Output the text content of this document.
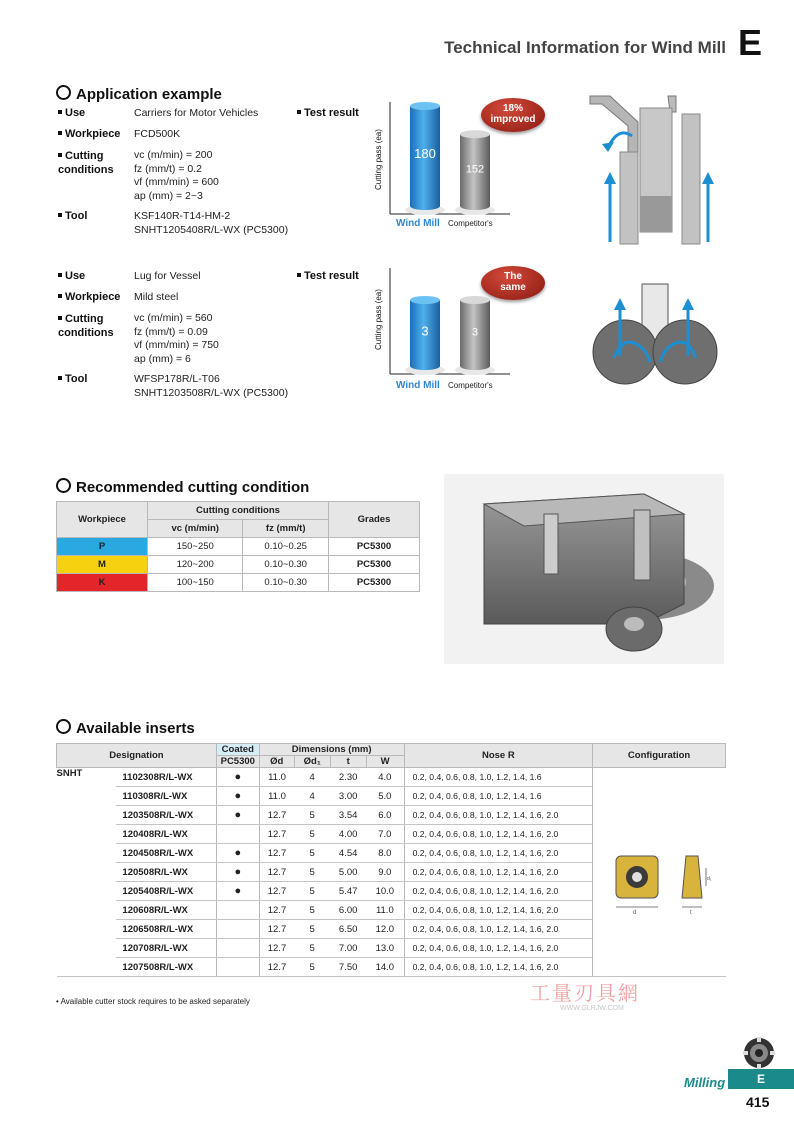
Technical Information for Wind Mill E
Application example
Use	Carriers for Motor Vehicles
Workpiece FCD500K
Cutting conditions
vc (m/min) = 200
fz (mm/t) = 0.2
vf (mm/min) = 600
ap (mm) = 2~3
Tool	KSF140R-T14-HM-2
SNHT1205408R/L-WX (PC5300)
Test result
Cutting pass (ea) 180
152
Wind Mill Competitor's
18%
improved
Use	Lug for Vessel
Workpiece Mild steel
Cutting conditions
vc (m/min) = 560
fz (mm/t) = 0.09
vf (mm/min) = 750
ap (mm) = 6
Tool	WFSP178R/L-T06
SNHT1203508R/L-WX (PC5300)
Test result
Cutting pass (ea)	3	3
Wind Mill Competitor's
The
same
Recommended cutting condition
Workpiece	Cutting conditions		Grades
	vc (m/min)	fz (mm/t)	
P	150~250	0.10~0.25	PC5300
M	120~200	0.10~0.30	PC5300
K	100~150	0.10~0.30	PC5300
Available inserts
Designation		Coated	Dimensions (mm)				Nose R	Configuration
		PC5300	Ød	Ød₁	t	W		
SNHT	1102308R/L-WX	●	11.0	4	2.30	4.0	0.2, 0.4, 0.6, 0.8, 1.0, 1.2, 1.4, 1.6	
	110308R/L-WX	●	11.0	4	3.00	5.0	0.2, 0.4, 0.6, 0.8, 1.0, 1.2, 1.4, 1.6	
	1203508R/L-WX	●	12.7	5	3.54	6.0	0.2, 0.4, 0.6, 0.8, 1.0, 1.2, 1.4, 1.6, 2.0	
	120408R/L-WX		12.7	5	4.00	7.0	0.2, 0.4, 0.6, 0.8, 1.0, 1.2, 1.4, 1.6, 2.0	
	1204508R/L-WX	●	12.7	5	4.54	8.0	0.2, 0.4, 0.6, 0.8, 1.0, 1.2, 1.4, 1.6, 2.0	
	120508R/L-WX	●	12.7	5	5.00	9.0	0.2, 0.4, 0.6, 0.8, 1.0, 1.2, 1.4, 1.6, 2.0	
	1205408R/L-WX	●	12.7	5	5.47	10.0	0.2, 0.4, 0.6, 0.8, 1.0, 1.2, 1.4, 1.6, 2.0	
	120608R/L-WX		12.7	5	6.00	11.0	0.2, 0.4, 0.6, 0.8, 1.0, 1.2, 1.4, 1.6, 2.0	
	1206508R/L-WX		12.7	5	6.50	12.0	0.2, 0.4, 0.6, 0.8, 1.0, 1.2, 1.4, 1.6, 2.0	
	120708R/L-WX		12.7	5	7.00	13.0	0.2, 0.4, 0.6, 0.8, 1.0, 1.2, 1.4, 1.6, 2.0	
	1207508R/L-WX		12.7	5	7.50	14.0	0.2, 0.4, 0.6, 0.8, 1.0, 1.2, 1.4, 1.6, 2.0	
d
d₁
t
工量刃具網
WWW.GLRJW.COM
• Available cutter stock requires to be asked separately
Milling	E
415
